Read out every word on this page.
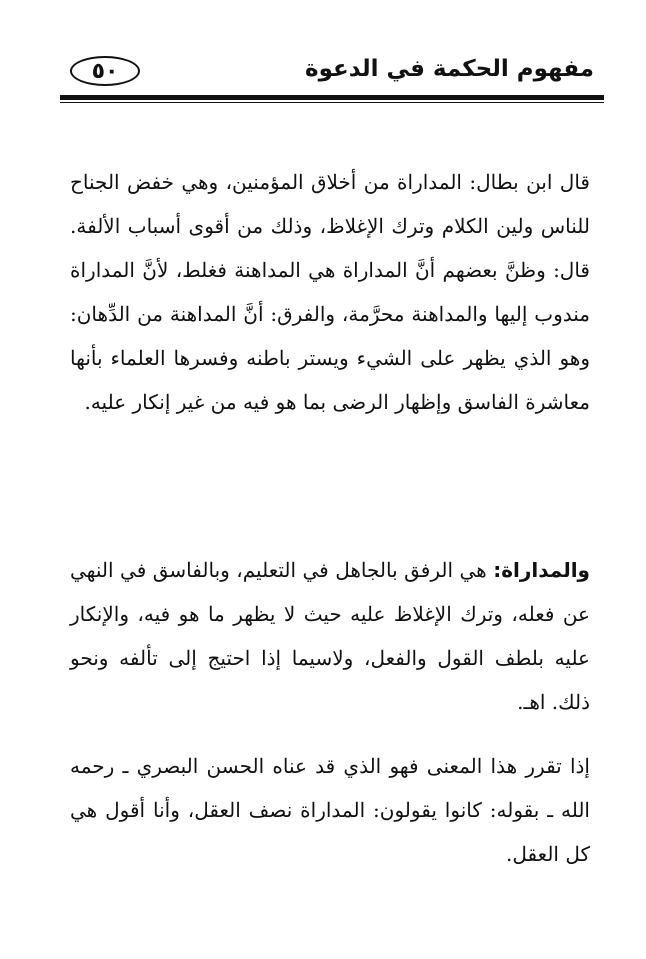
٥٠	مفهوم الحكمة في الدعوة

قال ابن بطال: المداراة من أخلاق المؤمنين، وهي خفض الجناح للناس ولين الكلام وترك الإغلاظ، وذلك من أقوى أسباب الألفة. قال: وظنَّ بعضهم أنَّ المداراة هي المداهنة فغلط، لأنَّ المداراة مندوب إليها والمداهنة محرَّمة، والفرق: أنَّ المداهنة من الدِّهان: وهو الذي يظهر على الشيء ويستر باطنه وفسرها العلماء بأنها معاشرة الفاسق وإظهار الرضى بما هو فيه من غير إنكار عليه.

والمداراة: هي الرفق بالجاهل في التعليم، وبالفاسق في النهي عن فعله، وترك الإغلاظ عليه حيث لا يظهر ما هو فيه، والإنكار عليه بلطف القول والفعل، ولاسيما إذا احتيج إلى تألفه ونحو ذلك. اهـ.

إذا تقرر هذا المعنى فهو الذي قد عناه الحسن البصري ـ رحمه الله ـ بقوله: كانوا يقولون: المداراة نصف العقل، وأنا أقول هي كل العقل.
